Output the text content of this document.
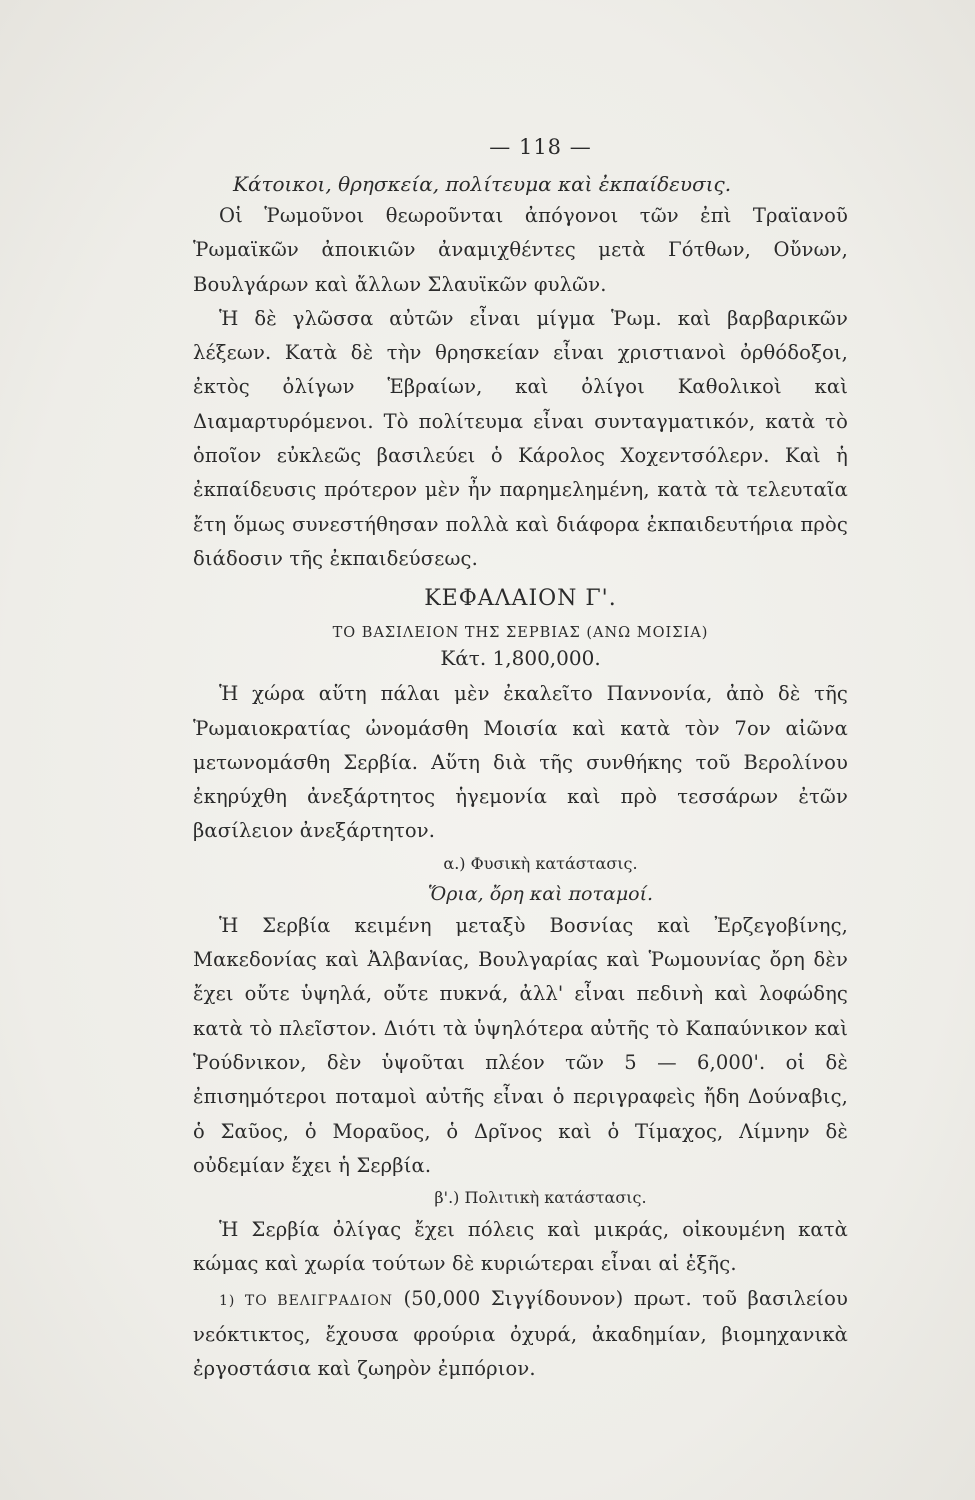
— 118 —
Κάτοικοι, θρησκεία, πολίτευμα καὶ ἐκπαίδευσις.

Οἱ Ῥωμοῦνοι θεωροῦνται ἀπόγονοι τῶν ἐπὶ Τραϊανοῦ Ῥωμαϊκῶν ἀποικιῶν ἀναμιχθέντες μετὰ Γότθων, Οὔνων, Βουλγάρων καὶ ἄλλων Σλαυϊκῶν φυλῶν.

Ἡ δὲ γλῶσσα αὐτῶν εἶναι μίγμα Ῥωμ. καὶ βαρβαρικῶν λέξεων. Κατὰ δὲ τὴν θρησκείαν εἶναι χριστιανοὶ ὀρθόδοξοι, ἐκτὸς ὀλίγων Ἑβραίων, καὶ ὀλίγοι Καθολικοὶ καὶ Διαμαρτυρόμενοι. Τὸ πολίτευμα εἶναι συνταγματικόν, κατὰ τὸ ὁποῖον εὐκλεῶς βασιλεύει ὁ Κάρολος Χοχεντσόλερν. Καὶ ἡ ἐκπαίδευσις πρότερον μὲν ἦν παρημελημένη, κατὰ τὰ τελευταῖα ἔτη ὅμως συνεστήθησαν πολλὰ καὶ διάφορα ἐκπαιδευτήρια πρὸς διάδοσιν τῆς ἐκπαιδεύσεως.

ΚΕΦΑΛΑΙΟΝ Γ'.
ΤΟ ΒΑΣΙΛΕΙΟΝ ΤΗΣ ΣΕΡΒΙΑΣ (ΑΝΩ ΜΟΙΣΙΑ)
Κάτ. 1,800,000.

Ἡ χώρα αὕτη πάλαι μὲν ἐκαλεῖτο Παννονία, ἀπὸ δὲ τῆς Ῥωμαιοκρατίας ὠνομάσθη Μοισία καὶ κατὰ τὸν 7ον αἰῶνα μετωνομάσθη Σερβία. Αὕτη διὰ τῆς συνθήκης τοῦ Βερολίνου ἐκηρύχθη ἀνεξάρτητος ἡγεμονία καὶ πρὸ τεσσάρων ἐτῶν βασίλειον ἀνεξάρτητον.

α.) Φυσικὴ κατάστασις.
Ὅρια, ὄρη καὶ ποταμοί.

Ἡ Σερβία κειμένη μεταξὺ Βοσνίας καὶ Ἐρζεγοβίνης, Μακεδονίας καὶ Ἀλβανίας, Βουλγαρίας καὶ Ῥωμουνίας ὄρη δὲν ἔχει οὔτε ὑψηλά, οὔτε πυκνά, ἀλλ' εἶναι πεδινὴ καὶ λοφώδης κατὰ τὸ πλεῖστον. Διότι τὰ ὑψηλότερα αὐτῆς τὸ Καπαύνικον καὶ Ῥούδνικον, δὲν ὑψοῦται πλέον τῶν 5 — 6,000'. οἱ δὲ ἐπισημότεροι ποταμοὶ αὐτῆς εἶναι ὁ περιγραφεὶς ἤδη Δούναβις, ὁ Σαῦος, ὁ Μοραῦος, ὁ Δρῖνος καὶ ὁ Τίμαχος, Λίμνην δὲ οὐδεμίαν ἔχει ἡ Σερβία.

β'.) Πολιτικὴ κατάστασις.

Ἡ Σερβία ὀλίγας ἔχει πόλεις καὶ μικράς, οἰκουμένη κατὰ κώμας καὶ χωρία τούτων δὲ κυριώτεραι εἶναι αἱ ἑξῆς.

1) ΤΟ ΒΕΛΙΓΡΑΔΙΟΝ (50,000 Σιγγίδουνον) πρωτ. τοῦ βασιλείου νεόκτικτος, ἔχουσα φρούρια ὀχυρά, ἀκαδημίαν, βιομηχανικὰ ἐργοστάσια καὶ ζωηρὸν ἐμπόριον.
